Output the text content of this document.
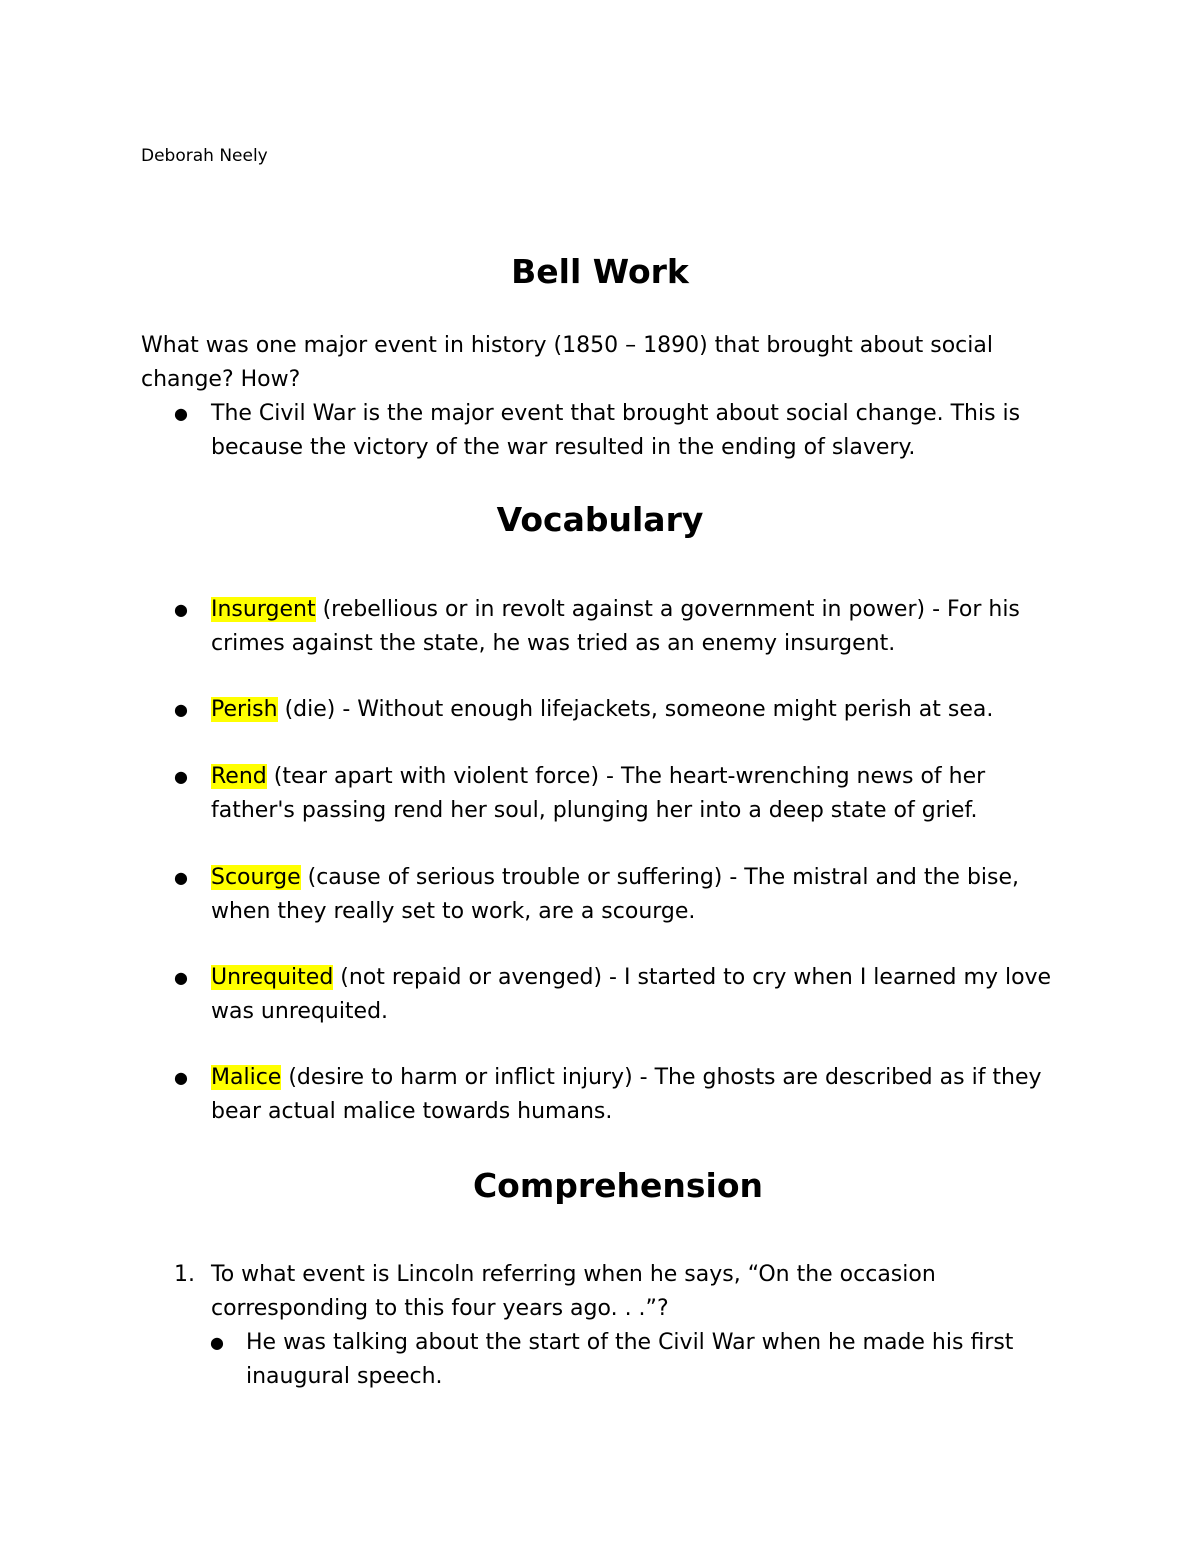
Deborah Neely
Bell Work
What was one major event in history (1850 – 1890) that brought about social
change? How?
● The Civil War is the major event that brought about social change. This is
because the victory of the war resulted in the ending of slavery.
Vocabulary
● Insurgent (rebellious or in revolt against a government in power) - For his
crimes against the state, he was tried as an enemy insurgent.
● Perish (die) - Without enough lifejackets, someone might perish at sea.
● Rend (tear apart with violent force) - The heart-wrenching news of her
father's passing rend her soul, plunging her into a deep state of grief.
● Scourge (cause of serious trouble or suffering) - The mistral and the bise,
when they really set to work, are a scourge.
● Unrequited (not repaid or avenged) - I started to cry when I learned my love
was unrequited.
● Malice (desire to harm or inflict injury) - The ghosts are described as if they
bear actual malice towards humans.
Comprehension
1. To what event is Lincoln referring when he says, “On the occasion
corresponding to this four years ago. . .”?
● He was talking about the start of the Civil War when he made his first
inaugural speech.
